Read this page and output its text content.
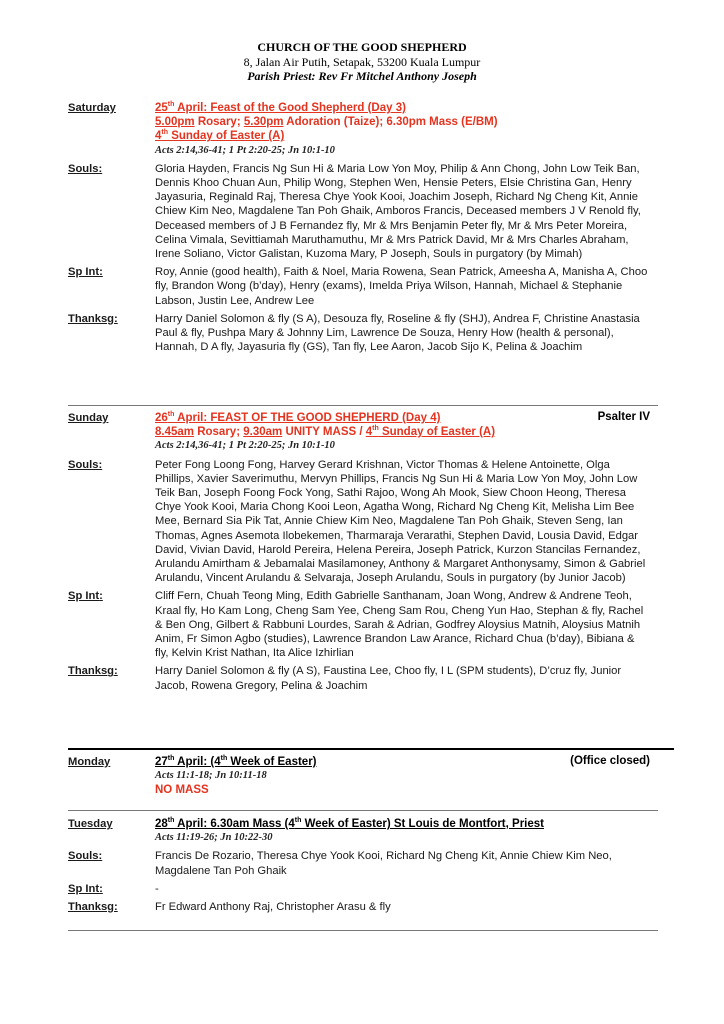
CHURCH OF THE GOOD SHEPHERD
8, Jalan Air Putih, Setapak, 53200 Kuala Lumpur
Parish Priest: Rev Fr Mitchel Anthony Joseph
Saturday	25th April: Feast of the Good Shepherd (Day 3)
5.00pm Rosary; 5.30pm Adoration (Taize); 6.30pm Mass (E/BM)
4th Sunday of Easter (A)
Acts 2:14,36-41; 1 Pt 2:20-25; Jn 10:1-10
Souls:	Gloria Hayden, Francis Ng Sun Hi & Maria Low Yon Moy, Philip & Ann Chong, John Low Teik Ban, Dennis Khoo Chuan Aun, Philip Wong, Stephen Wen, Hensie Peters, Elsie Christina Gan, Henry Jayasuria, Reginald Raj, Theresa Chye Yook Kooi, Joachim Joseph, Richard Ng Cheng Kit, Annie Chiew Kim Neo, Magdalene Tan Poh Ghaik, Amboros Francis, Deceased members J V Renold fly, Deceased members of J B Fernandez fly, Mr & Mrs Benjamin Peter fly, Mr & Mrs Peter Moreira, Celina Vimala, Sevittiamah Maruthamuthu, Mr & Mrs Patrick David, Mr & Mrs Charles Abraham, Irene Soliano, Victor Galistan, Kuzoma Mary, P Joseph, Souls in purgatory (by Mimah)
Sp Int:	Roy, Annie (good health), Faith & Noel, Maria Rowena, Sean Patrick, Ameesha A, Manisha A, Choo fly, Brandon Wong (b’day), Henry (exams), Imelda Priya Wilson, Hannah, Michael & Stephanie Labson, Justin Lee, Andrew Lee
Thanksg:	Harry Daniel Solomon & fly (S A), Desouza fly, Roseline & fly (SHJ), Andrea F, Christine Anastasia Paul & fly, Pushpa Mary & Johnny Lim, Lawrence De Souza, Henry How (health & personal), Hannah, D A fly, Jayasuria fly (GS), Tan fly, Lee Aaron, Jacob Sijo K, Pelina & Joachim
Psalter IV
Sunday	26th April: FEAST OF THE GOOD SHEPHERD (Day 4)
8.45am Rosary; 9.30am UNITY MASS / 4th Sunday of Easter (A)
Acts 2:14,36-41; 1 Pt 2:20-25; Jn 10:1-10
Souls:	Peter Fong Loong Fong, Harvey Gerard Krishnan, Victor Thomas & Helene Antoinette, Olga Phillips, Xavier Saverimuthu, Mervyn Phillips, Francis Ng Sun Hi & Maria Low Yon Moy, John Low Teik Ban, Joseph Foong Fock Yong, Sathi Rajoo, Wong Ah Mook, Siew Choon Heong, Theresa Chye Yook Kooi, Maria Chong Kooi Leon, Agatha Wong, Richard Ng Cheng Kit, Melisha Lim Bee Mee, Bernard Sia Pik Tat, Annie Chiew Kim Neo, Magdalene Tan Poh Ghaik, Steven Seng, Ian Thomas, Agnes Asemota Ilobekemen, Tharmaraja Verarathi, Stephen David, Lousia David, Edgar David, Vivian David, Harold Pereira, Helena Pereira, Joseph Patrick, Kurzon Stancilas Fernandez, Arulandu Amirtham & Jebamalai Masilamoney, Anthony & Margaret Anthonysamy, Simon & Gabriel Arulandu, Vincent Arulandu & Selvaraja, Joseph Arulandu, Souls in purgatory (by Junior Jacob)
Sp Int:	Cliff Fern, Chuah Teong Ming, Edith Gabrielle Santhanam, Joan Wong, Andrew & Andrene Teoh, Kraal fly, Ho Kam Long, Cheng Sam Yee, Cheng Sam Rou, Cheng Yun Hao, Stephan & fly, Rachel & Ben Ong, Gilbert & Rabbuni Lourdes, Sarah & Adrian, Godfrey Aloysius Matnih, Aloysius Matnih Anim, Fr Simon Agbo (studies), Lawrence Brandon Law Arance, Richard Chua (b’day), Bibiana & fly, Kelvin Krist Nathan, Ita Alice Izhirlian
Thanksg:	Harry Daniel Solomon & fly (A S), Faustina Lee, Choo fly, I L (SPM students), D’cruz fly, Junior Jacob, Rowena Gregory, Pelina & Joachim
(Office closed)
Monday	27th April: (4th Week of Easter)
Acts 11:1-18; Jn 10:11-18
NO MASS
Tuesday	28th April: 6.30am Mass (4th Week of Easter) St Louis de Montfort, Priest
Acts 11:19-26; Jn 10:22-30
Souls:	Francis De Rozario, Theresa Chye Yook Kooi, Richard Ng Cheng Kit, Annie Chiew Kim Neo, Magdalene Tan Poh Ghaik
Sp Int:	-
Thanksg:	Fr Edward Anthony Raj, Christopher Arasu & fly
